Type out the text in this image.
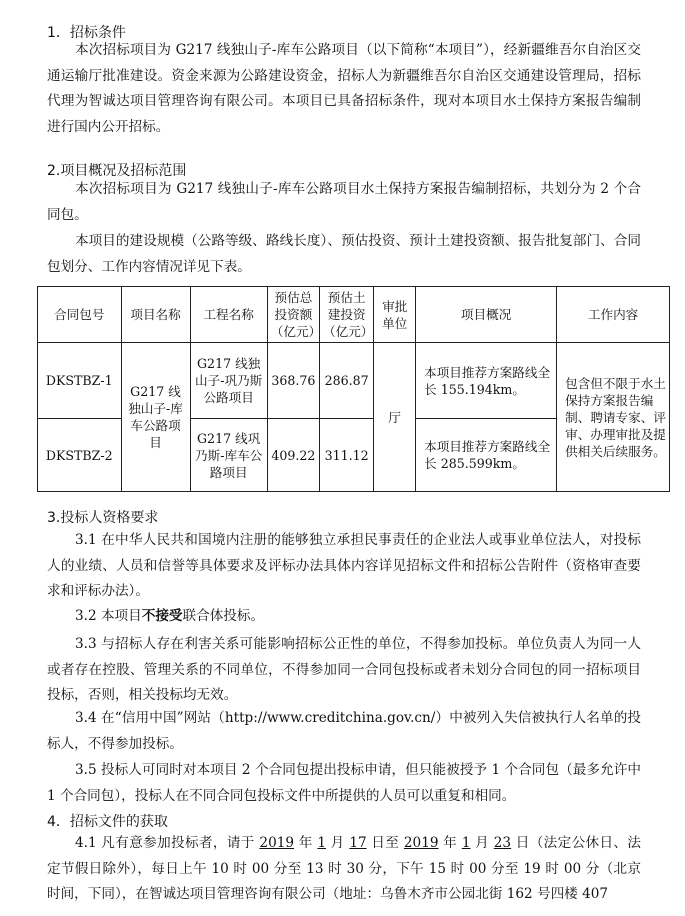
1．招标条件
本次招标项目为 G217 线独山子-库车公路项目（以下简称“本项目”），经新疆维吾尔自治区交通运输厅批准建设。资金来源为公路建设资金，招标人为新疆维吾尔自治区交通建设管理局，招标代理为智诚达项目管理咨询有限公司。本项目已具备招标条件，现对本项目水土保持方案报告编制进行国内公开招标。
2.项目概况及招标范围
本次招标项目为 G217 线独山子-库车公路项目水土保持方案报告编制招标，共划分为 2 个合同包。
本项目的建设规模（公路等级、路线长度）、预估投资、预计土建投资额、报告批复部门、合同包划分、工作内容情况详见下表。
合同包号	项目名称	工程名称	预估总投资额（亿元）	预估土建投资（亿元）	审批单位	项目概况	工作内容
DKSTBZ-1	G217 线独山子-库车公路项目	G217 线独山子-巩乃斯公路项目	368.76	286.87	厅	本项目推荐方案路线全长 155.194km。	包含但不限于水土保持方案报告编制、聘请专家、评审、办理审批及提供相关后续服务。
DKSTBZ-2		G217 线巩乃斯-库车公路项目	409.22	311.12		本项目推荐方案路线全长 285.599km。	
3.投标人资格要求
3.1 在中华人民共和国境内注册的能够独立承担民事责任的企业法人或事业单位法人，对投标人的业绩、人员和信誉等具体要求及评标办法具体内容详见招标文件和招标公告附件（资格审查要求和评标办法）。
3.2 本项目不接受联合体投标。
3.3 与招标人存在利害关系可能影响招标公正性的单位，不得参加投标。单位负责人为同一人或者存在控股、管理关系的不同单位，不得参加同一合同包投标或者未划分合同包的同一招标项目投标，否则，相关投标均无效。
3.4 在“信用中国”网站（http://www.creditchina.gov.cn/）中被列入失信被执行人名单的投标人，不得参加投标。
3.5 投标人可同时对本项目 2 个合同包提出投标申请，但只能被授予 1 个合同包（最多允许中 1 个合同包），投标人在不同合同包投标文件中所提供的人员可以重复和相同。
4．招标文件的获取
4.1 凡有意参加投标者，请于 2019 年 1 月 17 日至 2019 年 1 月 23 日（法定公休日、法定节假日除外），每日上午 10 时 00 分至 13 时 30 分，下午 15 时 00 分至 19 时 00 分（北京时间，下同），在智诚达项目管理咨询有限公司（地址：乌鲁木齐市公园北街 162 号四楼 407
